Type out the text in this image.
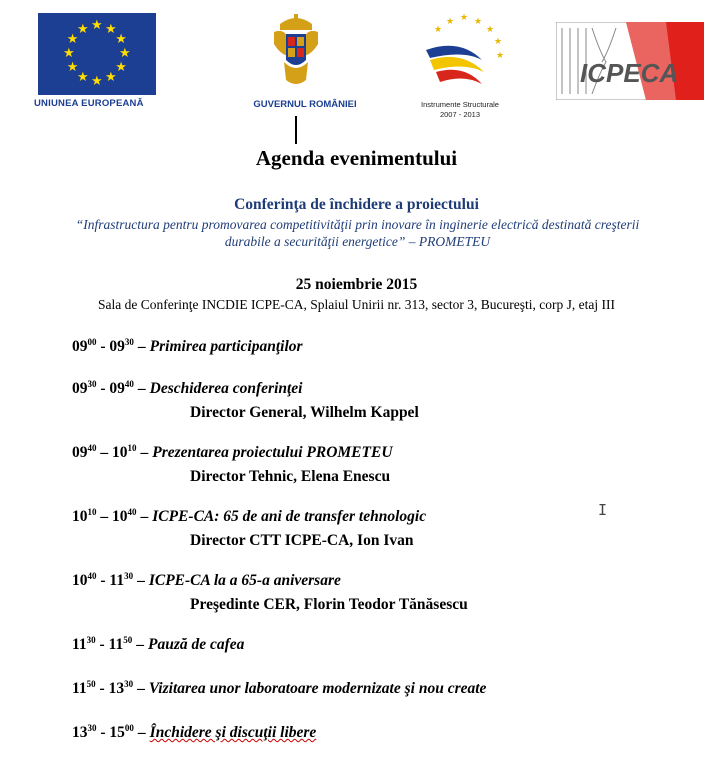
★ ★
★
★
★
★
★
★
★
★
★
★
UNIUNEA EUROPEANĂ	GUVERNUL ROMÂNIEI
★ ★
★
★
★
★
★
Instrumente Structurale
2007 - 2013
ICPECA
Agenda evenimentului
Conferinţa de închidere a proiectului
“Infrastructura pentru promovarea competitivităţii prin inovare în inginerie electrică destinată creşterii
durabile a securităţii energetice” – PROMETEU
25 noiembrie 2015
Sala de Conferinţe INCDIE ICPE-CA, Splaiul Unirii nr. 313, sector 3, Bucureşti, corp J, etaj III
$09^{00} - 09^{30}$ – Primirea participanţilor
$09^{30} - 09^{40}$ – Deschiderea conferinţei
Director General, Wilhelm Kappel
$09^{40} - 10^{10}$ – Prezentarea proiectului PROMETEU
Director Tehnic, Elena Enescu
$10^{10} - 10^{40}$ – ICPE-CA: 65 de ani de transfer tehnologic
Director CTT ICPE-CA, Ion Ivan
$10^{40} - 11^{30}$ – ICPE-CA la a 65-a aniversare
Preşedinte CER, Florin Teodor Tănăsescu
$11^{30} - 11^{50}$ – Pauză de cafea
$11^{50} - 13^{30}$ – Vizitarea unor laboratoare modernizate şi nou create
$13^{30} - 15^{00}$ – Închidere şi discuţii libere
I
